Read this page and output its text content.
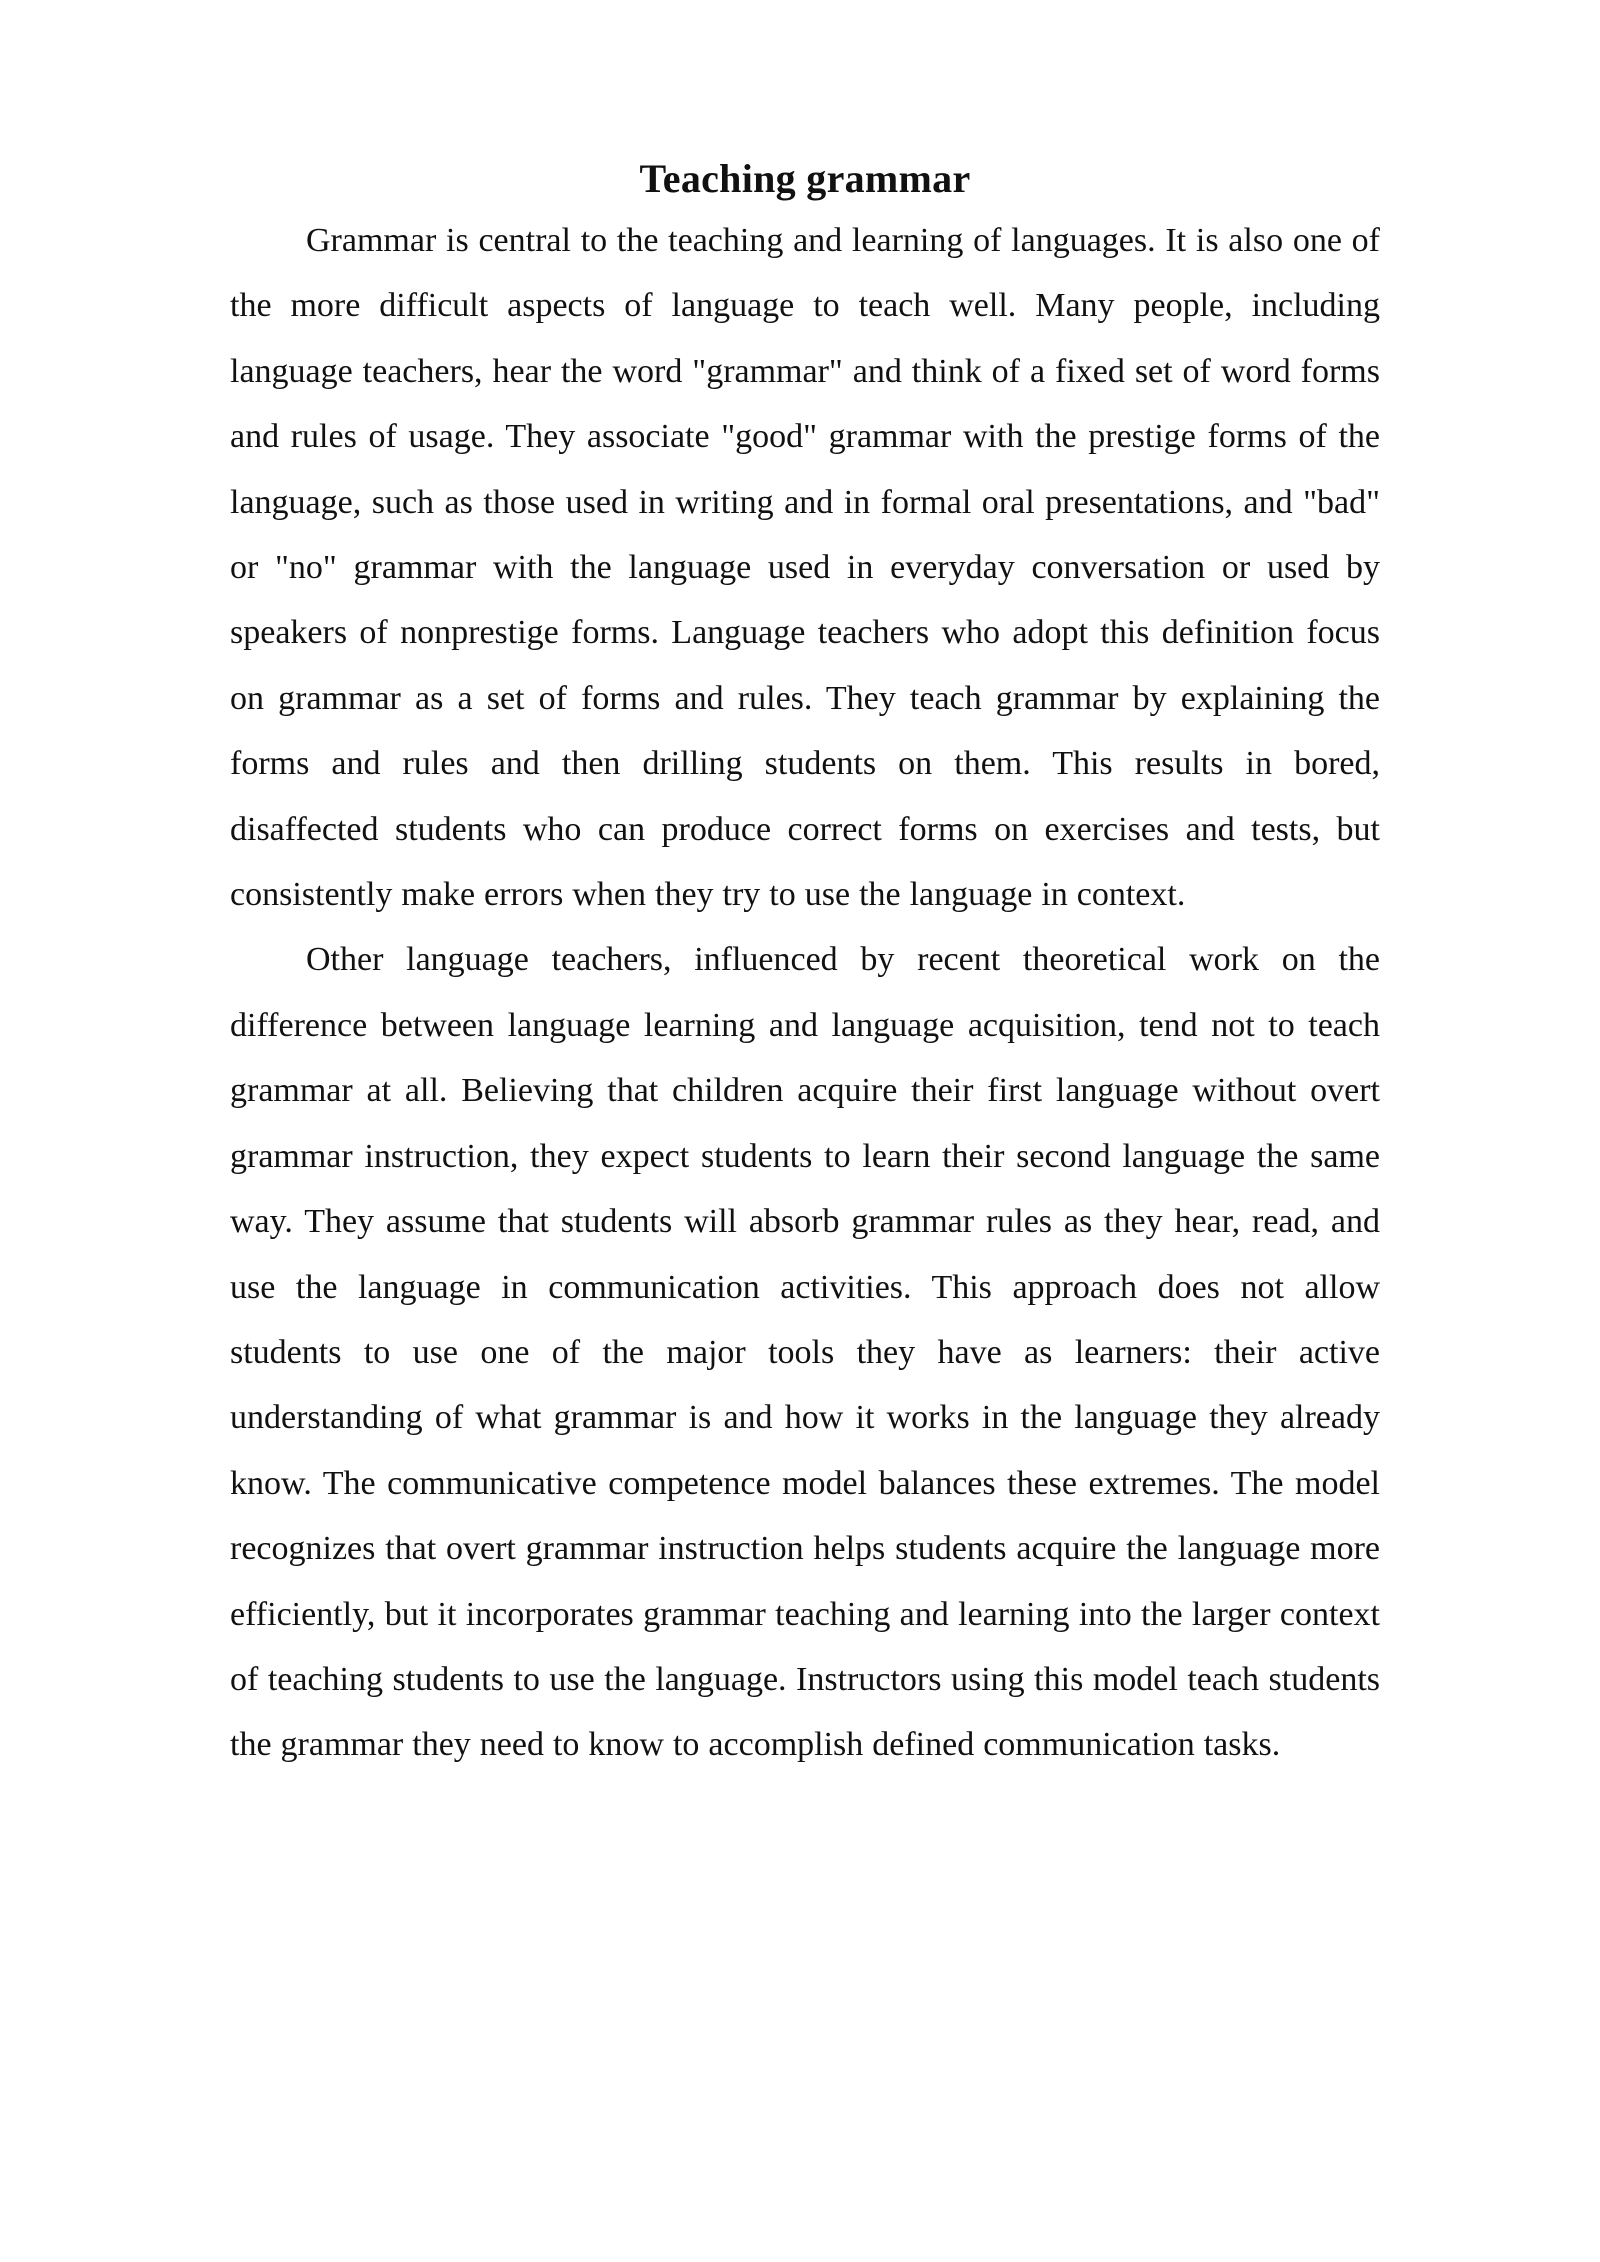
Teaching grammar

Grammar is central to the teaching and learning of languages. It is also one of the more difficult aspects of language to teach well. Many people, including language teachers, hear the word "grammar" and think of a fixed set of word forms and rules of usage. They associate "good" grammar with the prestige forms of the language, such as those used in writing and in formal oral presentations, and "bad" or "no" grammar with the language used in everyday conversation or used by speakers of nonprestige forms. Language teachers who adopt this definition focus on grammar as a set of forms and rules. They teach grammar by explaining the forms and rules and then drilling students on them. This results in bored, disaffected students who can produce correct forms on exercises and tests, but consistently make errors when they try to use the language in context.

Other language teachers, influenced by recent theoretical work on the difference between language learning and language acquisition, tend not to teach grammar at all. Believing that children acquire their first language without overt grammar instruction, they expect students to learn their second language the same way. They assume that students will absorb grammar rules as they hear, read, and use the language in communication activities. This approach does not allow students to use one of the major tools they have as learners: their active understanding of what grammar is and how it works in the language they already know. The communicative competence model balances these extremes. The model recognizes that overt grammar instruction helps students acquire the language more efficiently, but it incorporates grammar teaching and learning into the larger context of teaching students to use the language. Instructors using this model teach students the grammar they need to know to accomplish defined communication tasks.
